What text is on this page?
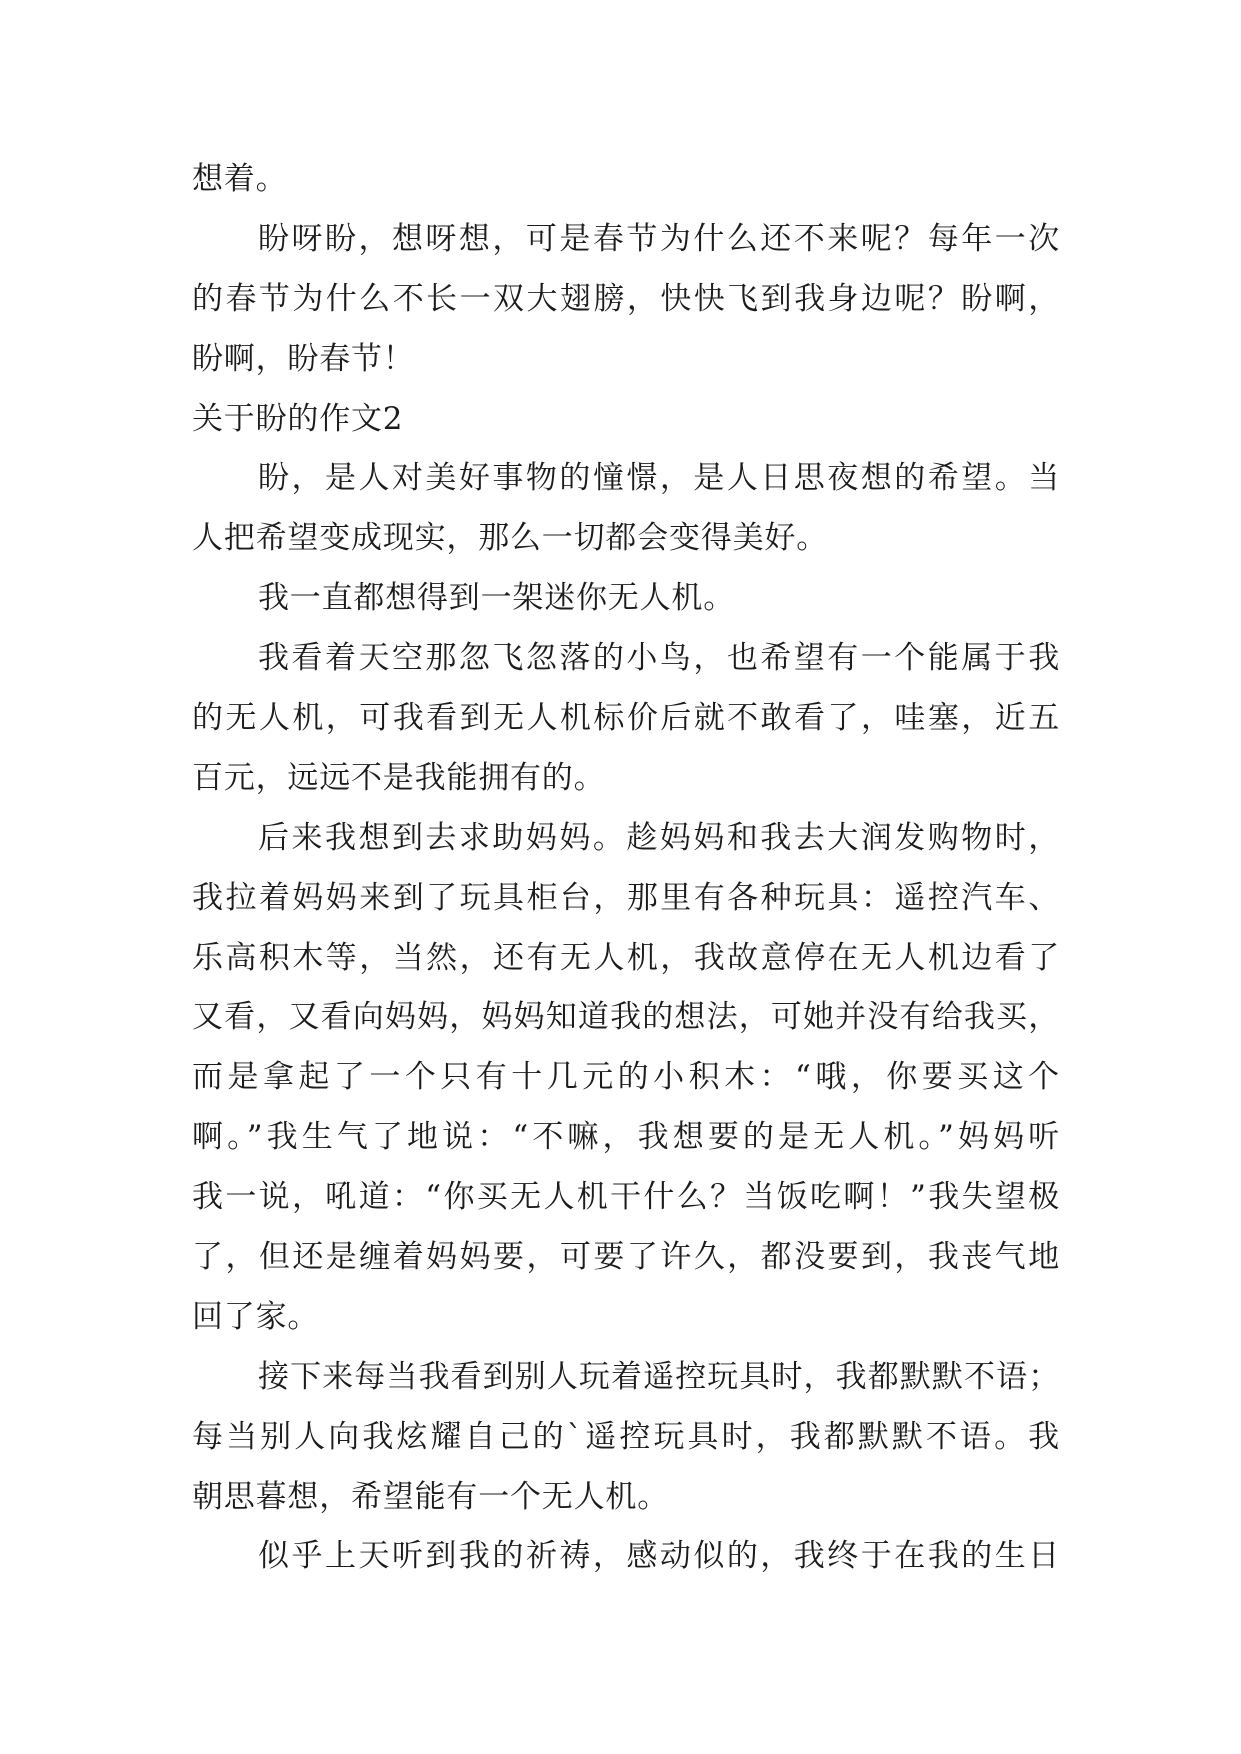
想着。

盼呀盼，想呀想，可是春节为什么还不来呢？每年一次
的春节为什么不长一双大翅膀，快快飞到我身边呢？盼啊，
盼啊，盼春节！

关于盼的作文2

盼，是人对美好事物的憧憬，是人日思夜想的希望。当
人把希望变成现实，那么一切都会变得美好。

我一直都想得到一架迷你无人机。

我看着天空那忽飞忽落的小鸟，也希望有一个能属于我
的无人机，可我看到无人机标价后就不敢看了，哇塞，近五
百元，远远不是我能拥有的。

后来我想到去求助妈妈。趁妈妈和我去大润发购物时，
我拉着妈妈来到了玩具柜台，那里有各种玩具：遥控汽车、
乐高积木等，当然，还有无人机，我故意停在无人机边看了
又看，又看向妈妈，妈妈知道我的想法，可她并没有给我买，
而是拿起了一个只有十几元的小积木：“哦，你要买这个
啊。”我生气了地说：“不嘛，我想要的是无人机。”妈妈听
我一说，吼道：“你买无人机干什么？当饭吃啊！”我失望极
了，但还是缠着妈妈要，可要了许久，都没要到，我丧气地
回了家。

接下来每当我看到别人玩着遥控玩具时，我都默默不语；
每当别人向我炫耀自己的`遥控玩具时，我都默默不语。我
朝思暮想，希望能有一个无人机。

似乎上天听到我的祈祷，感动似的，我终于在我的生日
